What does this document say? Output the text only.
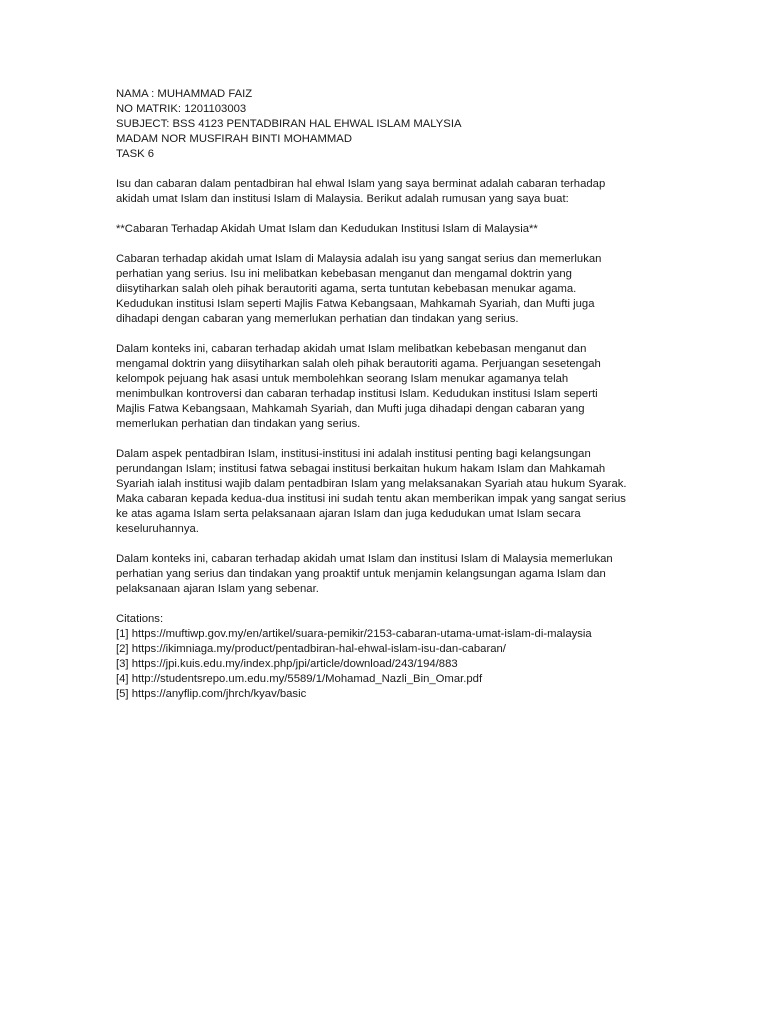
NAMA : MUHAMMAD FAIZ
NO MATRIK: 1201103003
SUBJECT: BSS 4123 PENTADBIRAN HAL EHWAL ISLAM MALYSIA
MADAM NOR MUSFIRAH BINTI MOHAMMAD
TASK 6
Isu dan cabaran dalam pentadbiran hal ehwal Islam yang saya berminat adalah cabaran terhadap
akidah umat Islam dan institusi Islam di Malaysia. Berikut adalah rumusan yang saya buat:
**Cabaran Terhadap Akidah Umat Islam dan Kedudukan Institusi Islam di Malaysia**
Cabaran terhadap akidah umat Islam di Malaysia adalah isu yang sangat serius dan memerlukan
perhatian yang serius. Isu ini melibatkan kebebasan menganut dan mengamal doktrin yang
diisytiharkan salah oleh pihak berautoriti agama, serta tuntutan kebebasan menukar agama.
Kedudukan institusi Islam seperti Majlis Fatwa Kebangsaan, Mahkamah Syariah, dan Mufti juga
dihadapi dengan cabaran yang memerlukan perhatian dan tindakan yang serius.
Dalam konteks ini, cabaran terhadap akidah umat Islam melibatkan kebebasan menganut dan
mengamal doktrin yang diisytiharkan salah oleh pihak berautoriti agama. Perjuangan sesetengah
kelompok pejuang hak asasi untuk membolehkan seorang Islam menukar agamanya telah
menimbulkan kontroversi dan cabaran terhadap institusi Islam. Kedudukan institusi Islam seperti
Majlis Fatwa Kebangsaan, Mahkamah Syariah, dan Mufti juga dihadapi dengan cabaran yang
memerlukan perhatian dan tindakan yang serius.
Dalam aspek pentadbiran Islam, institusi-institusi ini adalah institusi penting bagi kelangsungan
perundangan Islam; institusi fatwa sebagai institusi berkaitan hukum hakam Islam dan Mahkamah
Syariah ialah institusi wajib dalam pentadbiran Islam yang melaksanakan Syariah atau hukum Syarak.
Maka cabaran kepada kedua-dua institusi ini sudah tentu akan memberikan impak yang sangat serius
ke atas agama Islam serta pelaksanaan ajaran Islam dan juga kedudukan umat Islam secara
keseluruhannya.
Dalam konteks ini, cabaran terhadap akidah umat Islam dan institusi Islam di Malaysia memerlukan
perhatian yang serius dan tindakan yang proaktif untuk menjamin kelangsungan agama Islam dan
pelaksanaan ajaran Islam yang sebenar.
Citations:
[1] https://muftiwp.gov.my/en/artikel/suara-pemikir/2153-cabaran-utama-umat-islam-di-malaysia
[2] https://ikimniaga.my/product/pentadbiran-hal-ehwal-islam-isu-dan-cabaran/
[3] https://jpi.kuis.edu.my/index.php/jpi/article/download/243/194/883
[4] http://studentsrepo.um.edu.my/5589/1/Mohamad_Nazli_Bin_Omar.pdf
[5] https://anyflip.com/jhrch/kyav/basic
